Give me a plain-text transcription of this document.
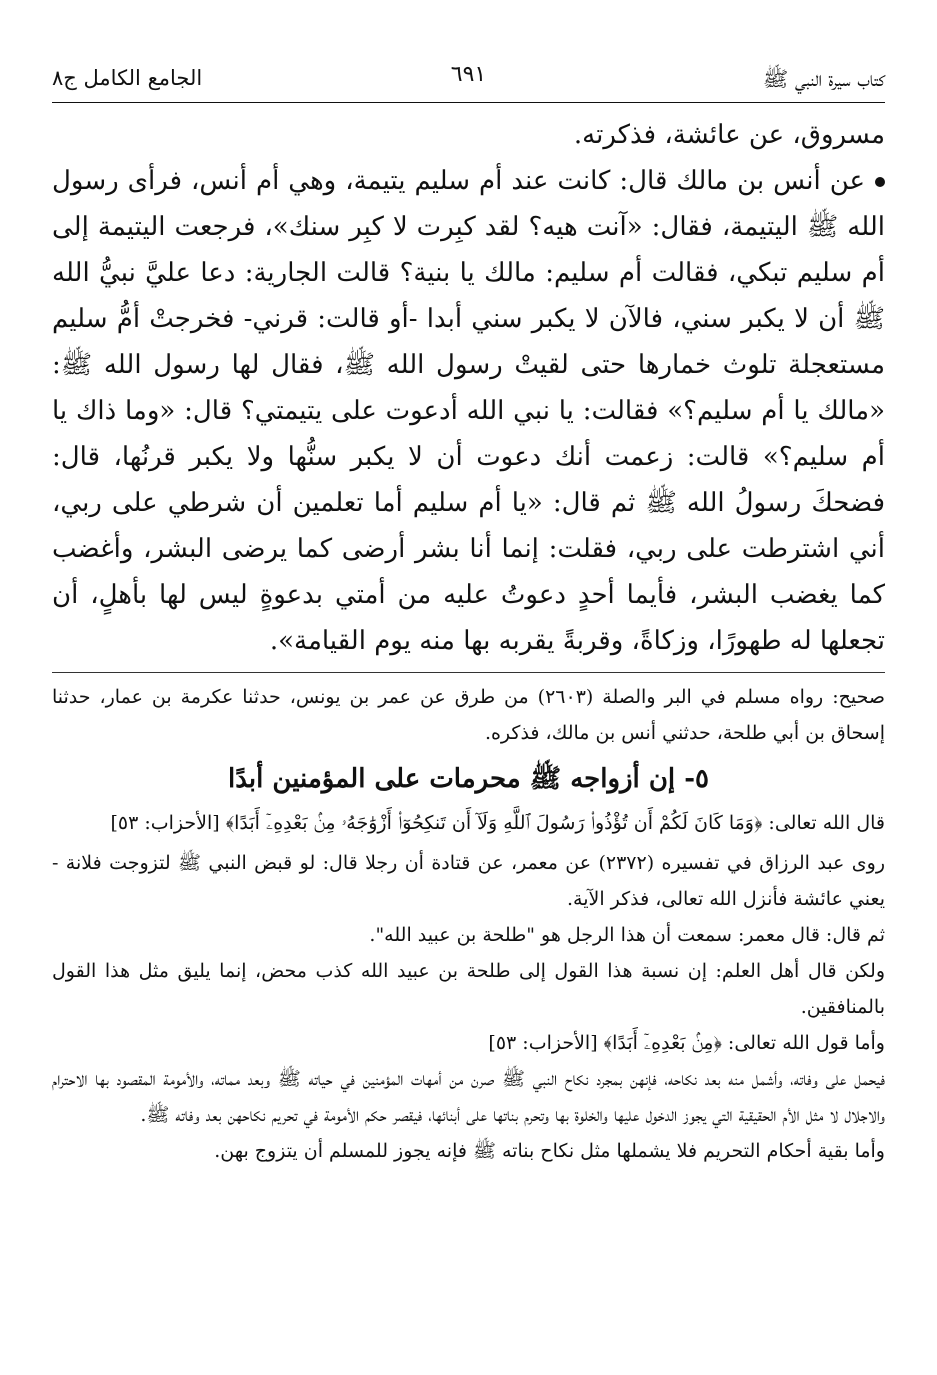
كتاب سيرة النبي ﷺ
٦٩١
الجامع الكامل ج٨

مسروق، عن عائشة، فذكرته.

عن أنس بن مالك قال: كانت عند أم سليم يتيمة، وهي أم أنس، فرأى رسول الله ﷺ اليتيمة، فقال: «آنت هيه؟ لقد كبِرت لا كبِر سنك»، فرجعت اليتيمة إلى أم سليم تبكي، فقالت أم سليم: مالك يا بنية؟ قالت الجارية: دعا عليَّ نبيُّ الله ﷺ أن لا يكبر سني، فالآن لا يكبر سني أبدا -أو قالت: قرني- فخرجتْ أمُّ سليم مستعجلة تلوث خمارها حتى لقيتْ رسول الله ﷺ، فقال لها رسول الله ﷺ: «مالك يا أم سليم؟» فقالت: يا نبي الله أدعوت على يتيمتي؟ قال: «وما ذاك يا أم سليم؟» قالت: زعمت أنك دعوت أن لا يكبر سنُّها ولا يكبر قرنُها، قال: فضحكَ رسولُ الله ﷺ ثم قال: «يا أم سليم أما تعلمين أن شرطي على ربي، أني اشترطت على ربي، فقلت: إنما أنا بشر أرضى كما يرضى البشر، وأغضب كما يغضب البشر، فأيما أحدٍ دعوتُ عليه من أمتي بدعوةٍ ليس لها بأهلٍ، أن تجعلها له طهورًا، وزكاةً، وقربةً يقربه بها منه يوم القيامة».

صحيح: رواه مسلم في البر والصلة (٢٦٠٣) من طرق عن عمر بن يونس، حدثنا عكرمة بن عمار، حدثنا إسحاق بن أبي طلحة، حدثني أنس بن مالك، فذكره.

٥- إن أزواجه ﷺ محرمات على المؤمنين أبدًا

قال الله تعالى: ﴿وَمَا كَانَ لَكُمْ أَن تُؤْذُوا۟ رَسُولَ ٱللَّهِ وَلَآ أَن تَنكِحُوٓا۟ أَزْوَٰجَهُۥ مِنۢ بَعْدِهِۦٓ أَبَدًا﴾ [الأحزاب: ٥٣]

روى عبد الرزاق في تفسيره (٢٣٧٢) عن معمر، عن قتادة أن رجلا قال: لو قبض النبي ﷺ لتزوجت فلانة - يعني عائشة فأنزل الله تعالى، فذكر الآية.

ثم قال: قال معمر: سمعت أن هذا الرجل هو "طلحة بن عبيد الله".

ولكن قال أهل العلم: إن نسبة هذا القول إلى طلحة بن عبيد الله كذب محض، إنما يليق مثل هذا القول بالمنافقين.

وأما قول الله تعالى: ﴿مِنۢ بَعْدِهِۦٓ أَبَدًا﴾ [الأحزاب: ٥٣]

فيحمل على وفاته، وأشمل منه بعد نكاحه، فإنهن بمجرد نكاح النبي ﷺ صرن من أمهات المؤمنين في حياته ﷺ وبعد مماته، والأمومة المقصود بها الاحترام والاجلال لا مثل الأم الحقيقية التي يجوز الدخول عليها والخلوة بها وتحرم بناتها على أبنائها، فيقصر حكم الأمومة في تحريم نكاحهن بعد وفاته ﷺ.

وأما بقية أحكام التحريم فلا يشملها مثل نكاح بناته ﷺ فإنه يجوز للمسلم أن يتزوج بهن.
